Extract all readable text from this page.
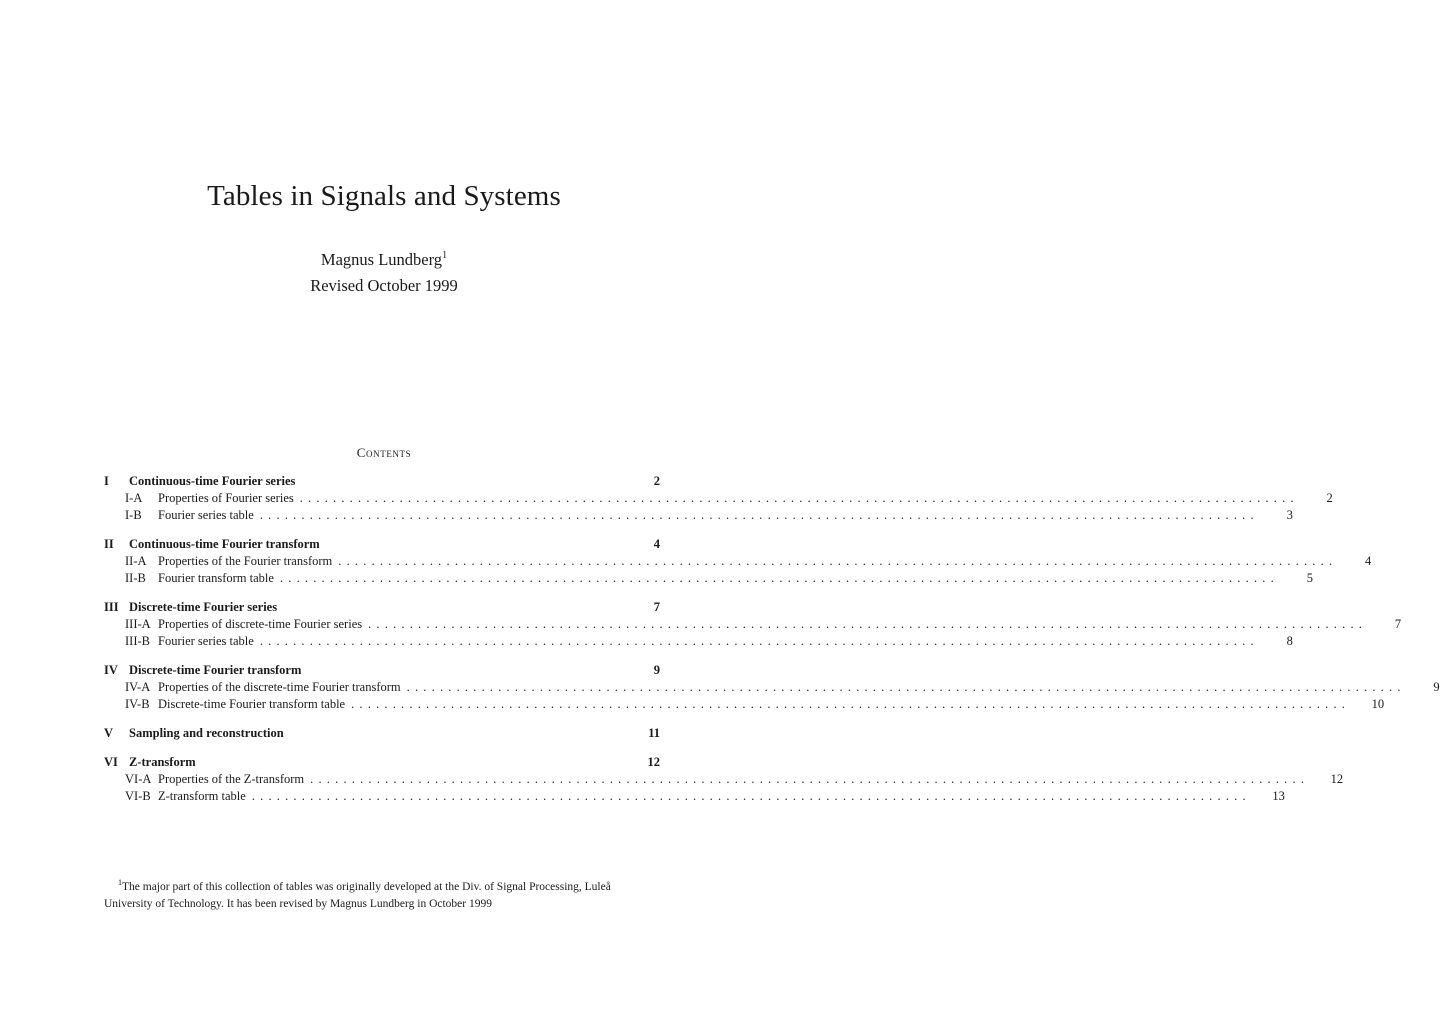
Tables in Signals and Systems
Magnus Lundberg$^1$
Revised October 1999
Contents
I	Continuous-time Fourier series	2
I-A	Properties of Fourier series ........................................................................................................................	2
I-B	Fourier series table ........................................................................................................................	3
II	Continuous-time Fourier transform	4
II-A Properties of the Fourier transform ........................................................................................................................	4
II-B Fourier transform table ........................................................................................................................	5
III Discrete-time Fourier series	7
III-A Properties of discrete-time Fourier series ........................................................................................................................	7
III-B Fourier series table ........................................................................................................................	8
IV Discrete-time Fourier transform	9
IV-A Properties of the discrete-time Fourier transform ........................................................................................................................	9
IV-B Discrete-time Fourier transform table ........................................................................................................................	10
V	Sampling and reconstruction	11
VI Z-transform	12
VI-A Properties of the Z-transform ........................................................................................................................	12
VI-B Z-transform table ........................................................................................................................	13
$^1$The major part of this collection of tables was originally developed at the Div. of Signal Processing, Luleå University of Technology. It has been revised by Magnus Lundberg in October 1999
